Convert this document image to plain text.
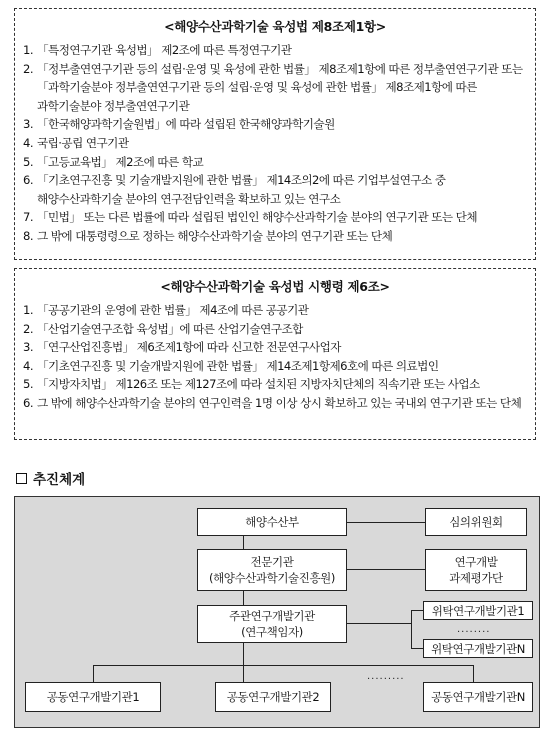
<해양수산과학기술 육성법 제8조제1항>
1. 「특정연구기관 육성법」 제2조에 따른 특정연구기관
2. 「정부출연연구기관 등의 설립·운영 및 육성에 관한 법률」 제8조제1항에 따른 정부출연연구기관 또는 「과학기술분야 정부출연연구기관 등의 설립·운영 및 육성에 관한 법률」 제8조제1항에 따른 과학기술분야 정부출연연구기관
3. 「한국해양과학기술원법」에 따라 설립된 한국해양과학기술원
4. 국립·공립 연구기관
5. 「고등교육법」 제2조에 따른 학교
6. 「기초연구진흥 및 기술개발지원에 관한 법률」 제14조의2에 따른 기업부설연구소 중 해양수산과학기술 분야의 연구전담인력을 확보하고 있는 연구소
7. 「민법」 또는 다른 법률에 따라 설립된 법인인 해양수산과학기술 분야의 연구기관 또는 단체
8. 그 밖에 대통령령으로 정하는 해양수산과학기술 분야의 연구기관 또는 단체
<해양수산과학기술 육성법 시행령 제6조>
1. 「공공기관의 운영에 관한 법률」 제4조에 따른 공공기관
2. 「산업기술연구조합 육성법」에 따른 산업기술연구조합
3. 「연구산업진흥법」 제6조제1항에 따라 신고한 전문연구사업자
4. 「기초연구진흥 및 기술개발지원에 관한 법률」 제14조제1항제6호에 따른 의료법인
5. 「지방자치법」 제126조 또는 제127조에 따라 설치된 지방자치단체의 직속기관 또는 사업소
6. 그 밖에 해양수산과학기술 분야의 연구인력을 1명 이상 상시 확보하고 있는 국내외 연구기관 또는 단체
추진체계
해양수산부	심의위원회
전문기관
(해양수산과학기술진흥원)
연구개발
과제평가단
주관연구개발기관
(연구책임자)
위탁연구개발기관1
........
위탁연구개발기관N
공동연구개발기관1	공동연구개발기관2
.........
공동연구개발기관N
